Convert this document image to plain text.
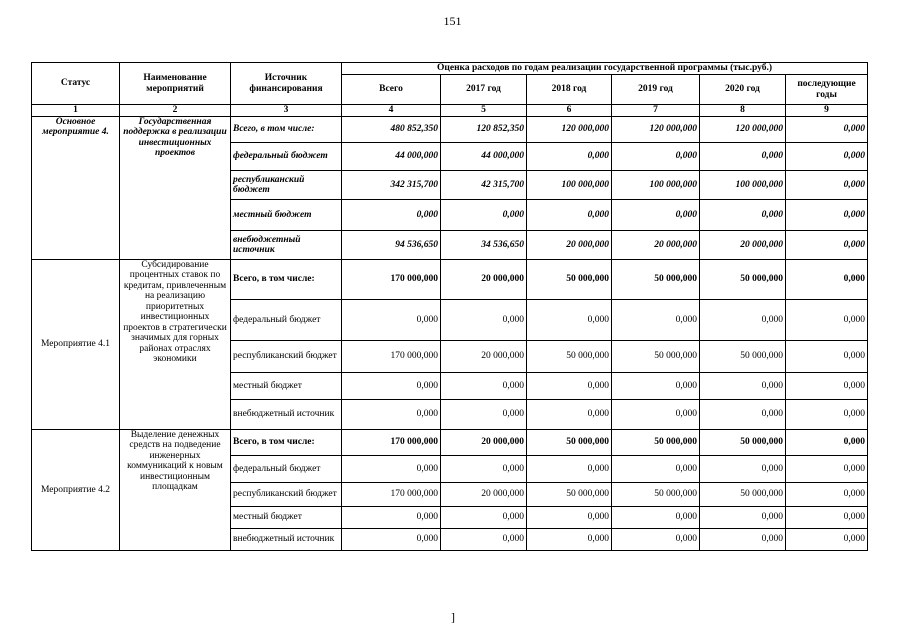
151
Статус	Наименование мероприятий	Источник финансирования	Оценка расходов по годам реализации государственной программы (тыс.руб.)					
			Всего	2017 год	2018 год	2019 год	2020 год	последующие годы
1	2	3	4	5	6	7	8	9
Основное мероприятие 4.	Государственная поддержка в реализации инвестиционных проектов	Всего, в том числе:	480 852,350	120 852,350	120 000,000	120 000,000	120 000,000	0,000
		федеральный бюджет	44 000,000	44 000,000	0,000	0,000	0,000	0,000
		республиканский бюджет	342 315,700	42 315,700	100 000,000	100 000,000	100 000,000	0,000
		местный бюджет	0,000	0,000	0,000	0,000	0,000	0,000
		внебюджетный источник	94 536,650	34 536,650	20 000,000	20 000,000	20 000,000	0,000
Мероприятие 4.1	Субсидирование процентных ставок по кредитам, привлеченным на реализацию приоритетных инвестиционных проектов в стратегически значимых для горных районах отраслях экономики	Всего, в том числе:	170 000,000	20 000,000	50 000,000	50 000,000	50 000,000	0,000
		федеральный бюджет	0,000	0,000	0,000	0,000	0,000	0,000
		республиканский бюджет	170 000,000	20 000,000	50 000,000	50 000,000	50 000,000	0,000
		местный бюджет	0,000	0,000	0,000	0,000	0,000	0,000
		внебюджетный источник	0,000	0,000	0,000	0,000	0,000	0,000
Мероприятие 4.2	Выделение денежных средств на подведение инженерных коммуникаций к новым инвестиционным площадкам	Всего, в том числе:	170 000,000	20 000,000	50 000,000	50 000,000	50 000,000	0,000
		федеральный бюджет	0,000	0,000	0,000	0,000	0,000	0,000
		республиканский бюджет	170 000,000	20 000,000	50 000,000	50 000,000	50 000,000	0,000
		местный бюджет	0,000	0,000	0,000	0,000	0,000	0,000
		внебюджетный источник	0,000	0,000	0,000	0,000	0,000	0,000
]
